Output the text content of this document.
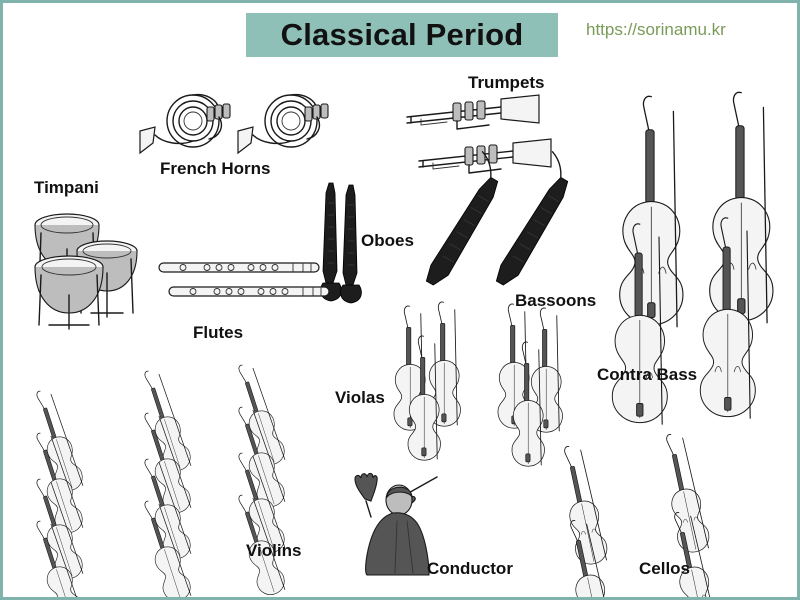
Classical Period	https://sorinamu.kr
French Horns
Trumpets
Timpani
Oboes
Flutes
Bassoons
Contra Bass
Violas
Violins
Cellos
Conductor
